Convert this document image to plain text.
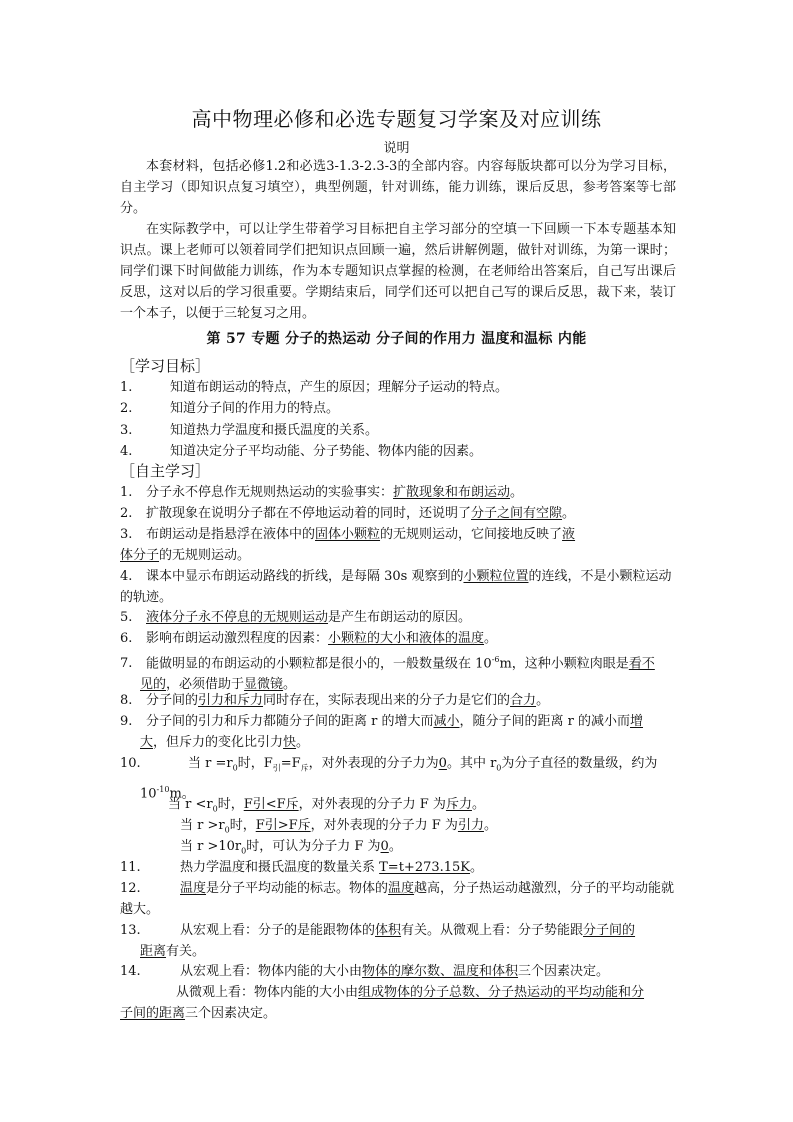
高中物理必修和必选专题复习学案及对应训练
说明
本套材料，包括必修1.2和必选3-1.3-2.3-3的全部内容。内容每版块都可以分为学习目标，自主学习（即知识点复习填空），典型例题，针对训练，能力训练，课后反思，参考答案等七部分。
在实际教学中，可以让学生带着学习目标把自主学习部分的空填一下回顾一下本专题基本知识点。课上老师可以领着同学们把知识点回顾一遍，然后讲解例题，做针对训练，为第一课时；同学们课下时间做能力训练，作为本专题知识点掌握的检测，在老师给出答案后，自己写出课后反思，这对以后的学习很重要。学期结束后，同学们还可以把自己写的课后反思，裁下来，装订一个本子，以便于三轮复习之用。
第 57 专题 分子的热运动 分子间的作用力 温度和温标 内能
［学习目标］
1.	知道布朗运动的特点，产生的原因；理解分子运动的特点。
2.	知道分子间的作用力的特点。
3.	知道热力学温度和摄氏温度的关系。
4.	知道决定分子平均动能、分子势能、物体内能的因素。
［自主学习］
1. 分子永不停息作无规则热运动的实验事实：扩散现象和布朗运动。
2. 扩散现象在说明分子都在不停地运动着的同时，还说明了分子之间有空隙。
3. 布朗运动是指悬浮在液体中的固体小颗粒的无规则运动，它间接地反映了液
体分子的无规则运动。
4. 课本中显示布朗运动路线的折线，是每隔 30s 观察到的小颗粒位置的连线，不是小颗粒运动的轨迹。
5. 液体分子永不停息的无规则运动是产生布朗运动的原因。
6. 影响布朗运动激烈程度的因素：小颗粒的大小和液体的温度。
7. 能做明显的布朗运动的小颗粒都是很小的，一般数量级在 $10^{-6}m$，这种小颗粒肉眼是看不
见的，必须借助于显微镜。
8. 分子间的引力和斥力同时存在，实际表现出来的分子力是它们的合力。
9. 分子间的引力和斥力都随分子间的距离 r 的增大而减小，随分子间的距离 r 的减小而增
大，但斥力的变化比引力快。
10.	当 $r =r_0$时，$F_引=F_斥$，对外表现的分子力为0。其中 $r_0$为分子直径的数量级，约为
$10^{-10}m$。
当 $r <r_0$时，F引<F斥，对外表现的分子力 F 为斥力。
当 $r >r_0$时，F引>F斥，对外表现的分子力 F 为引力。
当 $r >10r_0$时，可认为分子力 F 为0。
11.	热力学温度和摄氏温度的数量关系 T=t+273.15K。
12.	温度是分子平均动能的标志。物体的温度越高，分子热运动越激烈，分子的平均动能就越大。
13.	从宏观上看：分子的是能跟物体的体积有关。从微观上看：分子势能跟分子间的
距离有关。
14.	从宏观上看：物体内能的大小由物体的摩尔数、温度和体积三个因素决定。
从微观上看：物体内能的大小由组成物体的分子总数、分子热运动的平均动能和分
子间的距离三个因素决定。
